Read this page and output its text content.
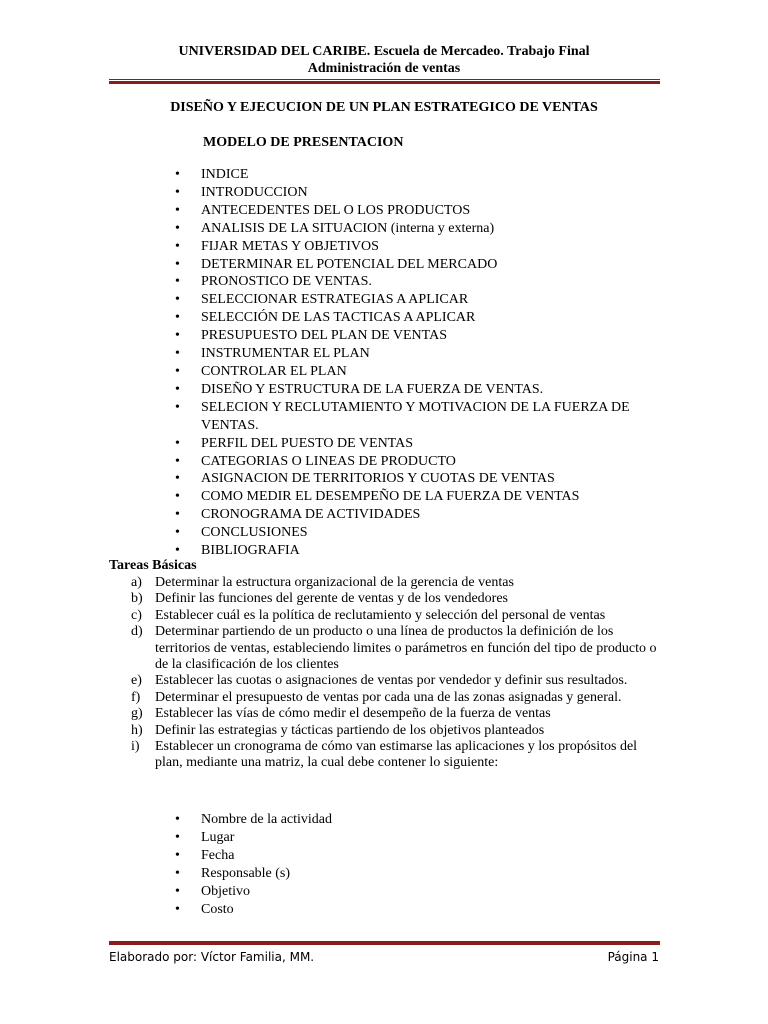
UNIVERSIDAD DEL CARIBE. Escuela de Mercadeo. Trabajo Final
Administración de ventas
DISEÑO Y EJECUCION DE UN PLAN ESTRATEGICO DE VENTAS
MODELO DE PRESENTACION
• INDICE
• INTRODUCCION
• ANTECEDENTES DEL O LOS PRODUCTOS
• ANALISIS DE LA SITUACION (interna y externa)
• FIJAR METAS Y OBJETIVOS
• DETERMINAR EL POTENCIAL DEL MERCADO
• PRONOSTICO DE VENTAS.
• SELECCIONAR ESTRATEGIAS A APLICAR
• SELECCIÓN DE LAS TACTICAS A APLICAR
• PRESUPUESTO DEL PLAN DE VENTAS
• INSTRUMENTAR EL PLAN
• CONTROLAR EL PLAN
• DISEÑO Y ESTRUCTURA DE LA FUERZA DE VENTAS.
• SELECION Y RECLUTAMIENTO Y MOTIVACION DE LA FUERZA DE VENTAS.
• PERFIL DEL PUESTO DE VENTAS
• CATEGORIAS O LINEAS DE PRODUCTO
• ASIGNACION DE TERRITORIOS Y CUOTAS DE VENTAS
• COMO MEDIR EL DESEMPEÑO DE LA FUERZA DE VENTAS
• CRONOGRAMA DE ACTIVIDADES
• CONCLUSIONES
• BIBLIOGRAFIA
Tareas Básicas
a) Determinar la estructura organizacional de la gerencia de ventas
b) Definir las funciones del gerente de ventas y de los vendedores
c) Establecer cuál es la política de reclutamiento y selección del personal de ventas
d) Determinar partiendo de un producto o una línea de productos la definición de los territorios de ventas, estableciendo limites o parámetros en función del tipo de producto o de la clasificación de los clientes
e) Establecer las cuotas o asignaciones de ventas por vendedor y definir sus resultados.
f) Determinar el presupuesto de ventas por cada una de las zonas asignadas y general.
g) Establecer las vías de cómo medir el desempeño de la fuerza de ventas
h) Definir las estrategias y tácticas partiendo de los objetivos planteados
i) Establecer un cronograma de cómo van estimarse las aplicaciones y los propósitos del plan, mediante una matriz, la cual debe contener lo siguiente:
• Nombre de la actividad
• Lugar
• Fecha
• Responsable (s)
• Objetivo
• Costo
Elaborado por: Víctor Familia, MM.	Página 1
